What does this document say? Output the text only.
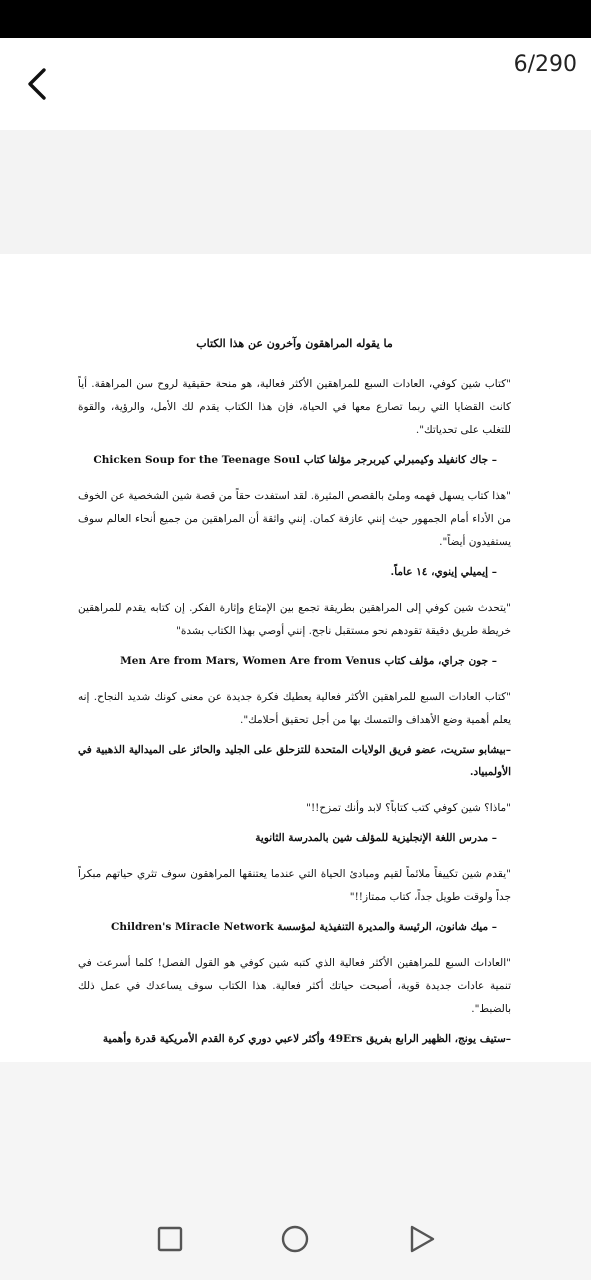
6/290
ما يقوله المراهقون وآخرون عن هذا الكتاب

"كتاب شين كوفي، العادات السبع للمراهقين الأكثر فعالية، هو منحة حقيقية لروح سن المراهقة. أياً كانت القضايا التي ربما تصارع معها في الحياة، فإن هذا الكتاب يقدم لك الأمل، والرؤية، والقوة للتغلب على تحدياتك".

– جاك كانفيلد وكيمبرلي كيربرجر مؤلفا كتاب Chicken Soup for the Teenage Soul

"هذا كتاب يسهل فهمه وملئ بالقصص المثيرة. لقد استفدت حقاً من قصة شين الشخصية عن الخوف من الأداء أمام الجمهور حيث إنني عازفة كمان. إنني واثقة أن المراهقين من جميع أنحاء العالم سوف يستفيدون أيضاً".

– إيميلي إينوي، ١٤ عاماً.

"يتحدث شين كوفي إلى المراهقين بطريقة تجمع بين الإمتاع وإثارة الفكر. إن كتابه يقدم للمراهقين خريطة طريق دقيقة تقودهم نحو مستقبل ناجح. إنني أوصي بهذا الكتاب بشدة"

– جون جراي، مؤلف كتاب Men Are from Mars, Women Are from Venus

"كتاب العادات السبع للمراهقين الأكثر فعالية يعطيك فكرة جديدة عن معنى كونك شديد النجاح. إنه يعلم أهمية وضع الأهداف والتمسك بها من أجل تحقيق أحلامك".

–بيشابو ستريت، عضو فريق الولايات المتحدة للتزحلق على الجليد والحائز على الميدالية الذهبية في الأولمبياد.

"ماذا؟ شين كوفي كتب كتاباً؟ لابد وأنك تمزح!!"

– مدرس اللغة الإنجليزية للمؤلف شين بالمدرسة الثانوية

"يقدم شين تكييفاً ملائماً لقيم ومبادئ الحياة التي عندما يعتنقها المراهقون سوف تثري حياتهم مبكراً جداً ولوقت طويل جداً، كتاب ممتاز!!"

– ميك شانون، الرئيسة والمديرة التنفيذية لمؤسسة Children's Miracle Network

"العادات السبع للمراهقين الأكثر فعالية الذي كتبه شين كوفي هو القول الفصل! كلما أسرعت في تنمية عادات جديدة قوية، أصبحت حياتك أكثر فعالية. هذا الكتاب سوف يساعدك في عمل ذلك بالضبط".

–ستيف يونج، الظهير الرابع بفريق 49Ers وأكثر لاعبي دوري كرة القدم الأمريكية قدرة وأهمية
